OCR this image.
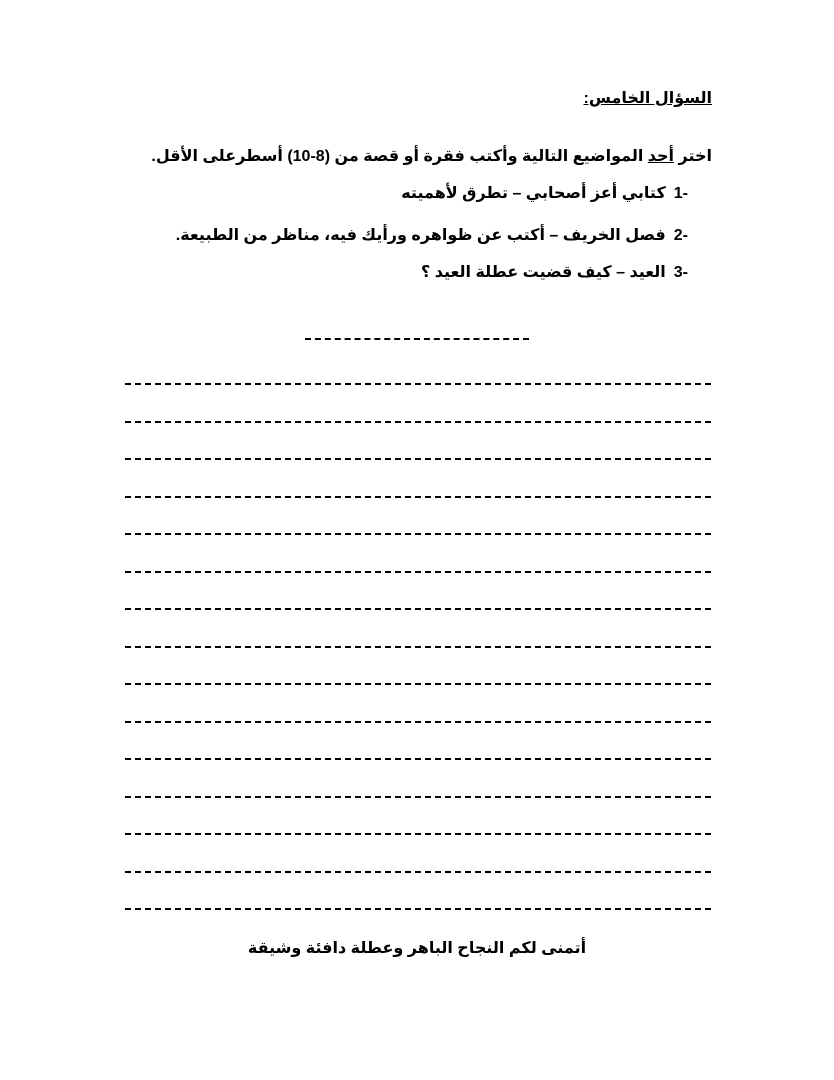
السؤال الخامس:
اختر أحد المواضيع التالية وأكتب فقرة أو قصة من (8-10) أسطرعلى الأقل.
-1كتابي أعز أصحابي – تطرق لأهميته
-2فصل الخريف – أكتب عن ظواهره ورأيك فيه، مناظر من الطبيعة.
-3العيد – كيف قضيت عطلة العيد ؟
أتمنى لكم النجاح الباهر وعطلة دافئة وشيقة
